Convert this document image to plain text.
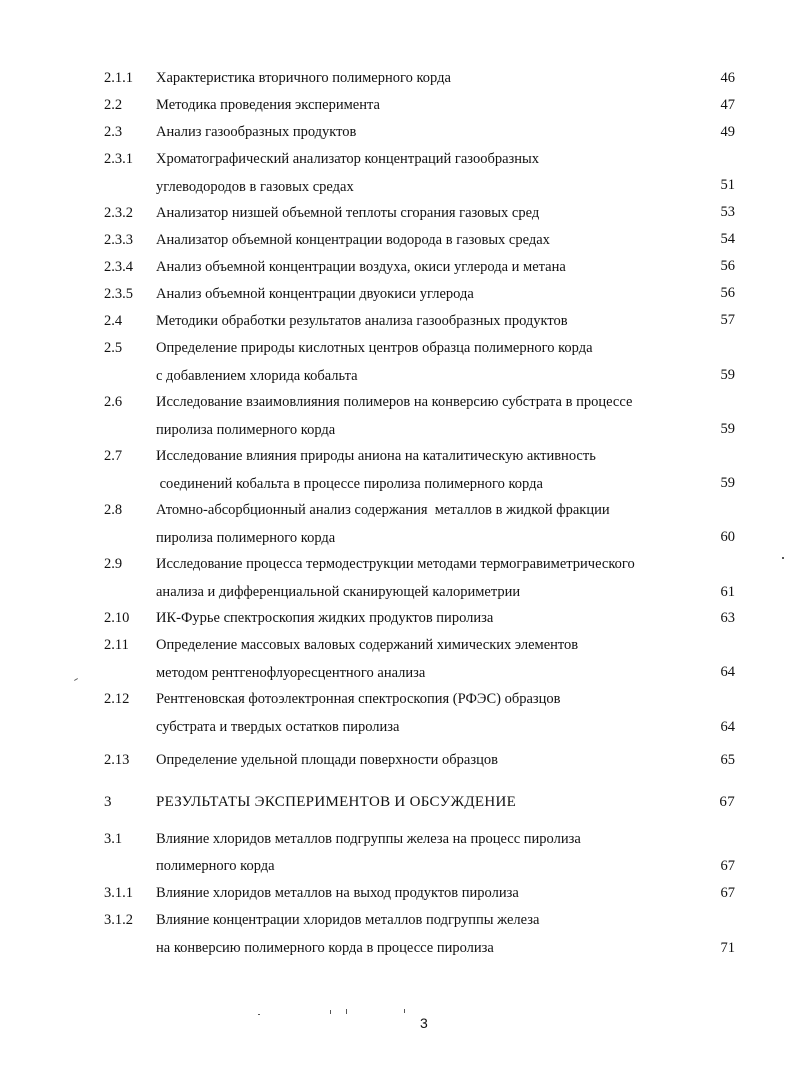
2.1.1 Характеристика вторичного полимерного корда	46
2.2 Методика проведения эксперимента	47
2.3 Анализ газообразных продуктов	49
2.3.1 Хроматографический анализатор концентраций газообразных
углеводородов в газовых средах	51
2.3.2 Анализатор низшей объемной теплоты сгорания газовых сред	53
2.3.3 Анализатор объемной концентрации водорода в газовых средах	54
2.3.4 Анализ объемной концентрации воздуха, окиси углерода и метана	56
2.3.5 Анализ объемной концентрации двуокиси углерода	56
2.4 Методики обработки результатов анализа газообразных продуктов	57
2.5 Определение природы кислотных центров образца полимерного корда
с добавлением хлорида кобальта	59
2.6 Исследование взаимовлияния полимеров на конверсию субстрата в процессе
пиролиза полимерного корда	59
2.7 Исследование влияния природы аниона на каталитическую активность
соединений кобальта в процессе пиролиза полимерного корда	59
2.8 Атомно-абсорбционный анализ содержания  металлов в жидкой фракции
пиролиза полимерного корда	60
2.9 Исследование процесса термодеструкции методами термогравиметрического
анализа и дифференциальной сканирующей калориметрии	61
2.10 ИК-Фурье спектроскопия жидких продуктов пиролиза	63
2.11 Определение массовых валовых содержаний химических элементов
методом рентгенофлуоресцентного анализа	64
2.12 Рентгеновская фотоэлектронная спектроскопия (РФЭС) образцов
субстрата и твердых остатков пиролиза	64
2.13 Определение удельной площади поверхности образцов	65
3	РЕЗУЛЬТАТЫ ЭКСПЕРИМЕНТОВ И ОБСУЖДЕНИЕ	67
3.1 Влияние хлоридов металлов подгруппы железа на процесс пиролиза
полимерного корда	67
3.1.1 Влияние хлоридов металлов на выход продуктов пиролиза	67
3.1.2 Влияние концентрации хлоридов металлов подгруппы железа
на конверсию полимерного корда в процессе пиролиза	71
3
